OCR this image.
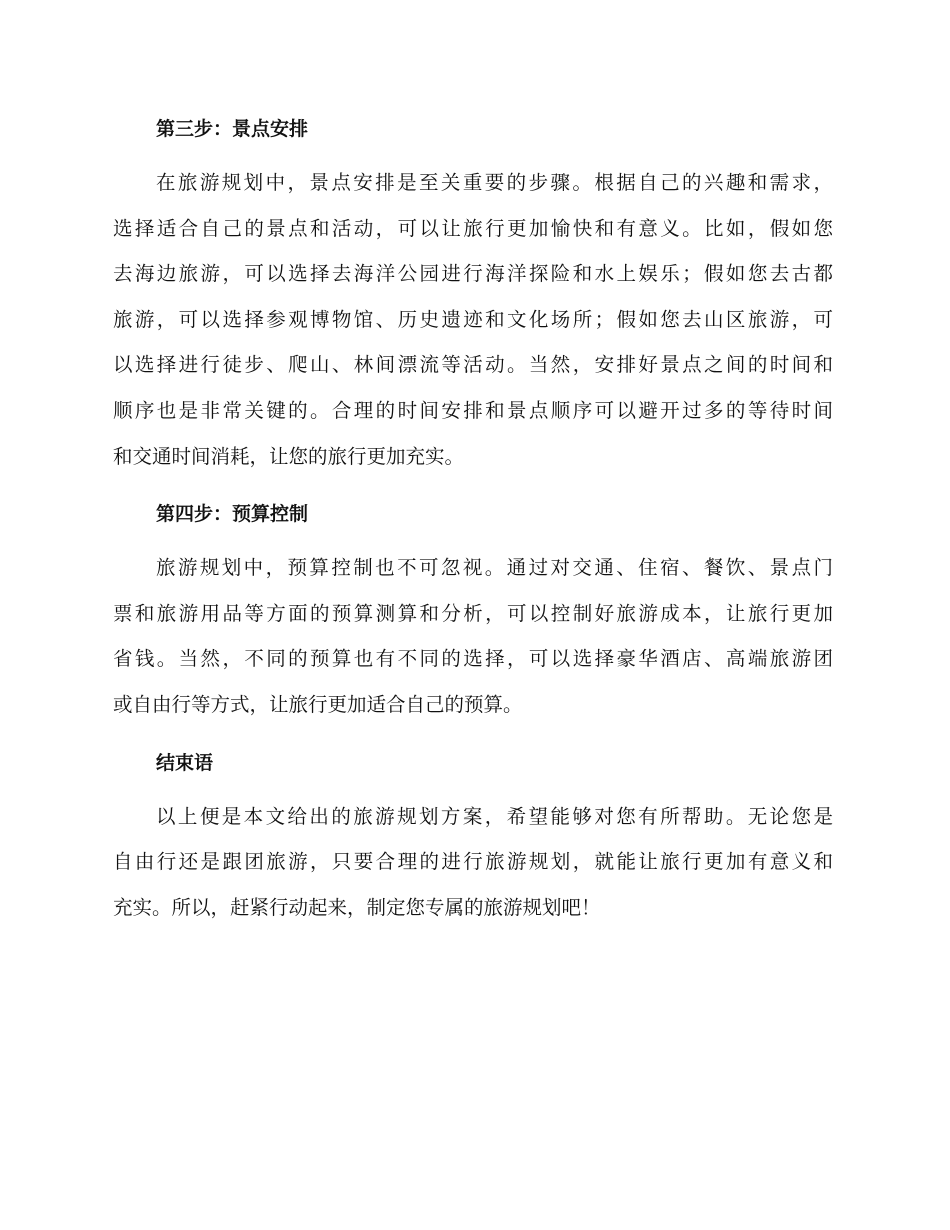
第三步：景点安排

在旅游规划中，景点安排是至关重要的步骤。根据自己的兴趣和需求，
选择适合自己的景点和活动，可以让旅行更加愉快和有意义。比如，假如您
去海边旅游，可以选择去海洋公园进行海洋探险和水上娱乐；假如您去古都
旅游，可以选择参观博物馆、历史遗迹和文化场所；假如您去山区旅游，可
以选择进行徒步、爬山、林间漂流等活动。当然，安排好景点之间的时间和
顺序也是非常关键的。合理的时间安排和景点顺序可以避开过多的等待时间
和交通时间消耗，让您的旅行更加充实。

第四步：预算控制

旅游规划中，预算控制也不可忽视。通过对交通、住宿、餐饮、景点门
票和旅游用品等方面的预算测算和分析，可以控制好旅游成本，让旅行更加
省钱。当然，不同的预算也有不同的选择，可以选择豪华酒店、高端旅游团
或自由行等方式，让旅行更加适合自己的预算。

结束语

以上便是本文给出的旅游规划方案，希望能够对您有所帮助。无论您是
自由行还是跟团旅游，只要合理的进行旅游规划，就能让旅行更加有意义和
充实。所以，赶紧行动起来，制定您专属的旅游规划吧！
